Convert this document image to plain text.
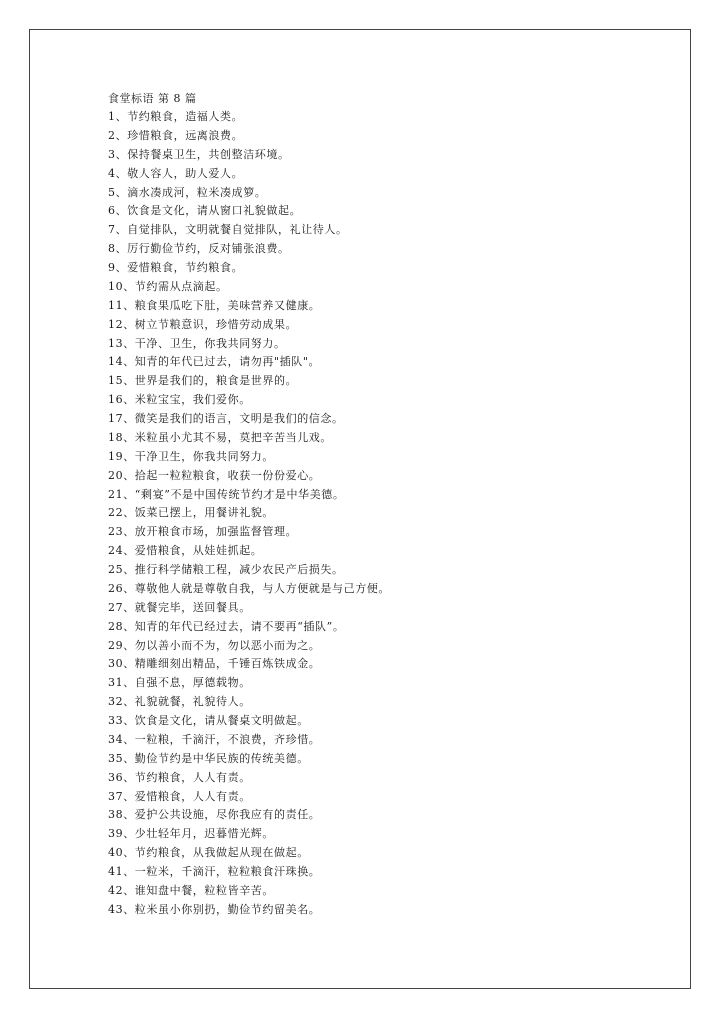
食堂标语 第 8 篇
1、节约粮食，造福人类。
2、珍惜粮食，远离浪费。
3、保持餐桌卫生，共创整洁环境。
4、敬人容人，助人爱人。
5、滴水凑成河，粒米凑成箩。
6、饮食是文化，请从窗口礼貌做起。
7、自觉排队，文明就餐自觉排队，礼让待人。
8、厉行勤俭节约，反对铺张浪费。
9、爱惜粮食，节约粮食。
10、节约需从点滴起。
11、粮食果瓜吃下肚，美味营养又健康。
12、树立节粮意识，珍惜劳动成果。
13、干净、卫生，你我共同努力。
14、知青的年代已过去，请勿再"插队"。
15、世界是我们的，粮食是世界的。
16、米粒宝宝，我们爱你。
17、微笑是我们的语言，文明是我们的信念。
18、米粒虽小尤其不易，莫把辛苦当儿戏。
19、干净卫生，你我共同努力。
20、拾起一粒粒粮食，收获一份份爱心。
21、“剩宴”不是中国传统节约才是中华美德。
22、饭菜已摆上，用餐讲礼貌。
23、放开粮食市场，加强监督管理。
24、爱惜粮食，从娃娃抓起。
25、推行科学储粮工程，减少农民产后损失。
26、尊敬他人就是尊敬自我，与人方便就是与己方便。
27、就餐完毕，送回餐具。
28、知青的年代已经过去，请不要再“插队”。
29、勿以善小而不为，勿以恶小而为之。
30、精雕细刻出精品，千锤百炼铁成金。
31、自强不息，厚德载物。
32、礼貌就餐，礼貌待人。
33、饮食是文化，请从餐桌文明做起。
34、一粒粮，千滴汗，不浪费，齐珍惜。
35、勤俭节约是中华民族的传统美德。
36、节约粮食，人人有责。
37、爱惜粮食，人人有责。
38、爱护公共设施，尽你我应有的责任。
39、少壮轻年月，迟暮惜光辉。
40、节约粮食，从我做起从现在做起。
41、一粒米，千滴汗，粒粒粮食汗珠换。
42、谁知盘中餐，粒粒皆辛苦。
43、粒米虽小你别扔，勤俭节约留美名。
